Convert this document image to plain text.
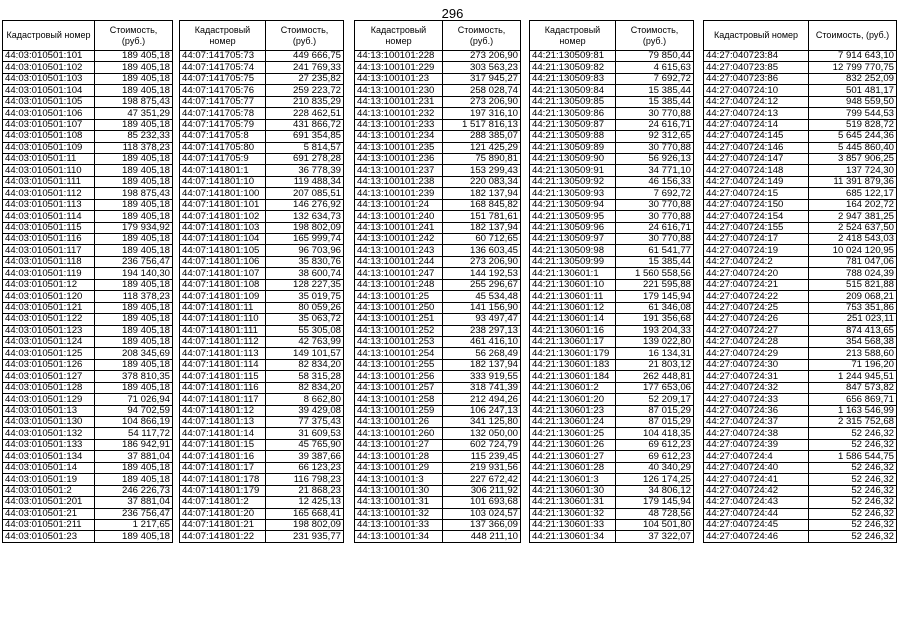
296
Кадастровый номер	Стоимость, (руб.)
44:03:010501:101	189 405,18
44:03:010501:102	189 405,18
44:03:010501:103	189 405,18
44:03:010501:104	189 405,18
44:03:010501:105	198 875,43
44:03:010501:106	47 351,29
44:03:010501:107	189 405,18
44:03:010501:108	85 232,33
44:03:010501:109	118 378,23
44:03:010501:11	189 405,18
44:03:010501:110	189 405,18
44:03:010501:111	189 405,18
44:03:010501:112	198 875,43
44:03:010501:113	189 405,18
44:03:010501:114	189 405,18
44:03:010501:115	179 934,92
44:03:010501:116	189 405,18
44:03:010501:117	189 405,18
44:03:010501:118	236 756,47
44:03:010501:119	194 140,30
44:03:010501:12	189 405,18
44:03:010501:120	118 378,23
44:03:010501:121	189 405,18
44:03:010501:122	189 405,18
44:03:010501:123	189 405,18
44:03:010501:124	189 405,18
44:03:010501:125	208 345,69
44:03:010501:126	189 405,18
44:03:010501:127	378 810,35
44:03:010501:128	189 405,18
44:03:010501:129	71 026,94
44:03:010501:13	94 702,59
44:03:010501:130	104 866,19
44:03:010501:132	54 117,72
44:03:010501:133	186 942,91
44:03:010501:134	37 881,04
44:03:010501:14	189 405,18
44:03:010501:19	189 405,18
44:03:010501:2	246 226,73
44:03:010501:201	37 881,04
44:03:010501:21	236 756,47
44:03:010501:211	1 217,65
44:03:010501:23	189 405,18
Кадастровый номер	Стоимость, (руб.)
44:07:141705:73	449 666,75
44:07:141705:74	241 769,33
44:07:141705:75	27 235,82
44:07:141705:76	259 223,72
44:07:141705:77	210 835,29
44:07:141705:78	228 462,51
44:07:141705:79	431 866,72
44:07:141705:8	691 354,85
44:07:141705:80	5 814,57
44:07:141705:9	691 278,28
44:07:141801:1	36 778,39
44:07:141801:10	119 488,34
44:07:141801:100	207 085,51
44:07:141801:101	146 276,92
44:07:141801:102	132 634,73
44:07:141801:103	198 802,09
44:07:141801:104	165 999,74
44:07:141801:105	96 703,96
44:07:141801:106	35 830,76
44:07:141801:107	38 600,74
44:07:141801:108	128 227,35
44:07:141801:109	35 019,75
44:07:141801:11	80 059,26
44:07:141801:110	35 063,72
44:07:141801:111	55 305,08
44:07:141801:112	42 763,99
44:07:141801:113	149 101,57
44:07:141801:114	82 834,20
44:07:141801:115	58 315,28
44:07:141801:116	82 834,20
44:07:141801:117	8 662,80
44:07:141801:12	39 429,08
44:07:141801:13	77 375,43
44:07:141801:14	31 609,53
44:07:141801:15	45 765,90
44:07:141801:16	39 387,66
44:07:141801:17	66 123,23
44:07:141801:178	116 798,23
44:07:141801:179	21 868,23
44:07:141801:2	12 425,13
44:07:141801:20	165 668,41
44:07:141801:21	198 802,09
44:07:141801:22	231 935,77
Кадастровый номер	Стоимость, (руб.)
44:13:100101:228	273 206,90
44:13:100101:229	303 563,23
44:13:100101:23	317 945,27
44:13:100101:230	258 028,74
44:13:100101:231	273 206,90
44:13:100101:232	197 316,10
44:13:100101:233	1 517 816,13
44:13:100101:234	288 385,07
44:13:100101:235	121 425,29
44:13:100101:236	75 890,81
44:13:100101:237	153 299,43
44:13:100101:238	220 083,34
44:13:100101:239	182 137,94
44:13:100101:24	168 845,82
44:13:100101:240	151 781,61
44:13:100101:241	182 137,94
44:13:100101:242	60 712,65
44:13:100101:243	136 603,45
44:13:100101:244	273 206,90
44:13:100101:247	144 192,53
44:13:100101:248	255 296,67
44:13:100101:25	45 534,48
44:13:100101:250	141 156,90
44:13:100101:251	93 497,47
44:13:100101:252	238 297,13
44:13:100101:253	461 416,10
44:13:100101:254	56 268,49
44:13:100101:255	182 137,94
44:13:100101:256	333 919,55
44:13:100101:257	318 741,39
44:13:100101:258	212 494,26
44:13:100101:259	106 247,13
44:13:100101:26	341 125,80
44:13:100101:260	132 050,00
44:13:100101:27	602 724,79
44:13:100101:28	115 239,45
44:13:100101:29	219 931,56
44:13:100101:3	227 672,42
44:13:100101:30	306 211,92
44:13:100101:31	101 693,68
44:13:100101:32	103 024,57
44:13:100101:33	137 366,09
44:13:100101:34	448 211,10
Кадастровый номер	Стоимость, (руб.)
44:21:130509:81	79 850,44
44:21:130509:82	4 615,63
44:21:130509:83	7 692,72
44:21:130509:84	15 385,44
44:21:130509:85	15 385,44
44:21:130509:86	30 770,88
44:21:130509:87	24 616,71
44:21:130509:88	92 312,65
44:21:130509:89	30 770,88
44:21:130509:90	56 926,13
44:21:130509:91	34 771,10
44:21:130509:92	46 156,33
44:21:130509:93	7 692,72
44:21:130509:94	30 770,88
44:21:130509:95	30 770,88
44:21:130509:96	24 616,71
44:21:130509:97	30 770,88
44:21:130509:98	61 541,77
44:21:130509:99	15 385,44
44:21:130601:1	1 560 558,56
44:21:130601:10	221 595,88
44:21:130601:11	179 145,94
44:21:130601:12	61 346,08
44:21:130601:14	191 356,68
44:21:130601:16	193 204,33
44:21:130601:17	139 022,80
44:21:130601:179	16 134,31
44:21:130601:183	21 803,12
44:21:130601:184	262 448,81
44:21:130601:2	177 653,06
44:21:130601:20	52 209,17
44:21:130601:23	87 015,29
44:21:130601:24	87 015,29
44:21:130601:25	104 418,35
44:21:130601:26	69 612,23
44:21:130601:27	69 612,23
44:21:130601:28	40 340,29
44:21:130601:3	126 174,25
44:21:130601:30	34 806,12
44:21:130601:31	179 145,94
44:21:130601:32	48 728,56
44:21:130601:33	104 501,80
44:21:130601:34	37 322,07
Кадастровый номер	Стоимость, (руб.)
44:27:040723:84	7 914 643,10
44:27:040723:85	12 799 770,75
44:27:040723:86	832 252,09
44:27:040724:10	501 481,17
44:27:040724:12	948 559,50
44:27:040724:13	799 544,53
44:27:040724:14	519 828,72
44:27:040724:145	5 645 244,36
44:27:040724:146	5 445 860,40
44:27:040724:147	3 857 906,25
44:27:040724:148	137 724,30
44:27:040724:149	11 391 879,36
44:27:040724:15	685 122,17
44:27:040724:150	164 202,72
44:27:040724:154	2 947 381,25
44:27:040724:155	2 524 637,50
44:27:040724:17	2 418 543,03
44:27:040724:19	10 024 120,95
44:27:040724:2	781 047,06
44:27:040724:20	788 024,39
44:27:040724:21	515 821,88
44:27:040724:22	209 068,21
44:27:040724:25	753 351,86
44:27:040724:26	251 023,11
44:27:040724:27	874 413,65
44:27:040724:28	354 568,38
44:27:040724:29	213 588,60
44:27:040724:30	71 196,20
44:27:040724:31	1 244 945,51
44:27:040724:32	847 573,82
44:27:040724:33	656 869,71
44:27:040724:36	1 163 546,99
44:27:040724:37	2 315 752,68
44:27:040724:38	52 246,32
44:27:040724:39	52 246,32
44:27:040724:4	1 586 544,75
44:27:040724:40	52 246,32
44:27:040724:41	52 246,32
44:27:040724:42	52 246,32
44:27:040724:43	52 246,32
44:27:040724:44	52 246,32
44:27:040724:45	52 246,32
44:27:040724:46	52 246,32
